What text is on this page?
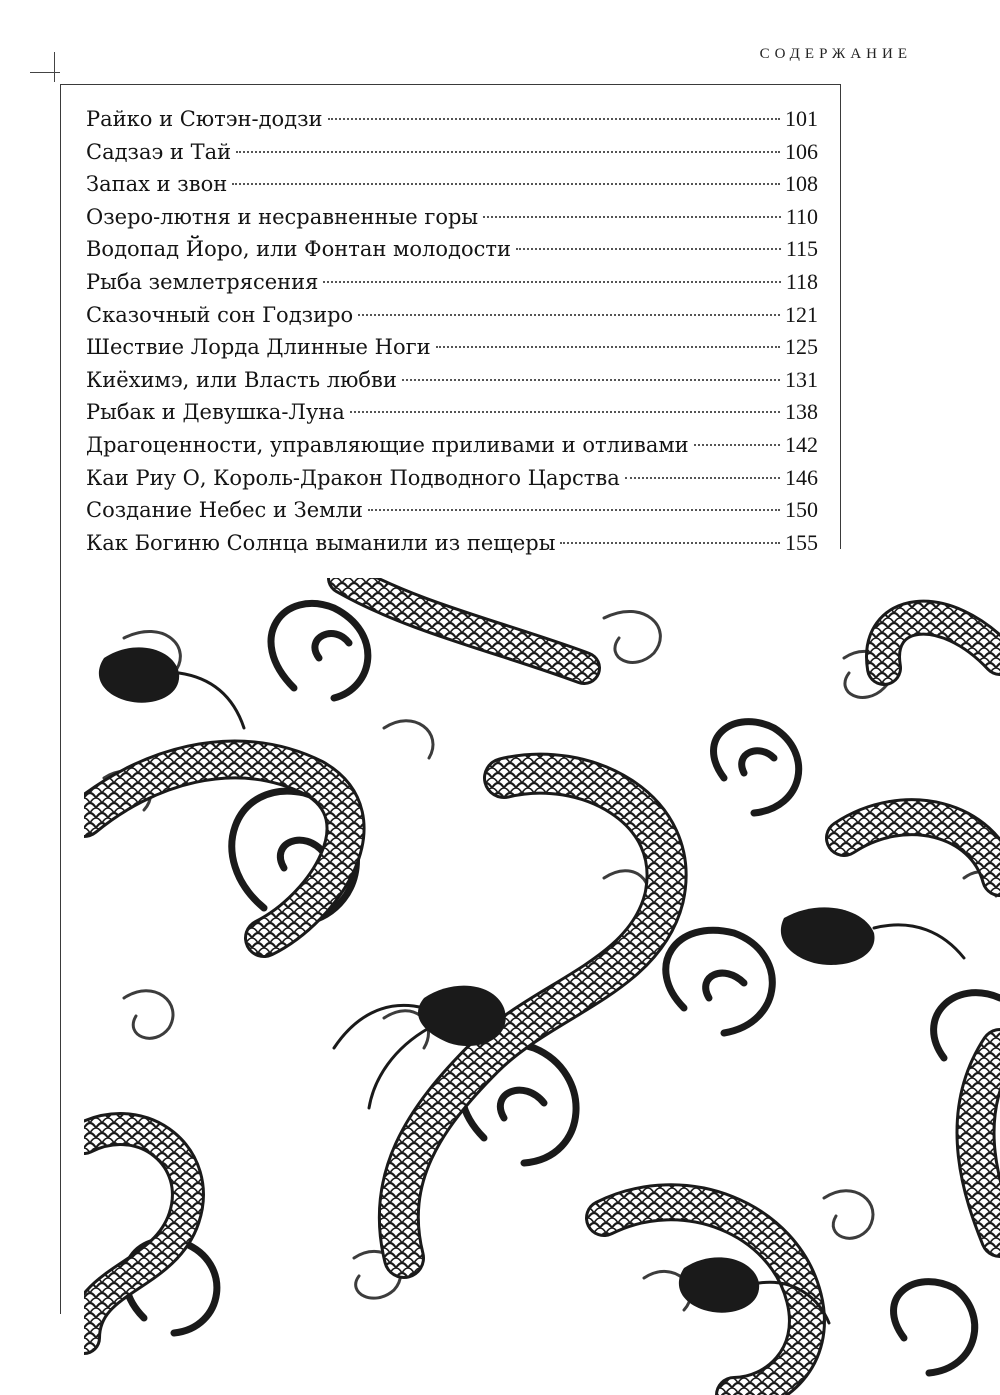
СОДЕРЖАНИЕ
Райко и Сютэн-додзи	101
Садзаэ и Тай	106
Запах и звон	108
Озеро-лютня и несравненные горы	110
Водопад Йоро, или Фонтан молодости	115
Рыба землетрясения	118
Сказочный сон Годзиро	121
Шествие Лорда Длинные Ноги	125
Киёхимэ, или Власть любви	131
Рыбак и Девушка-Луна	138
Драгоценности, управляющие приливами и отливами	142
Каи Риу О, Король-Дракон Подводного Царства	146
Создание Небес и Земли	150
Как Богиню Солнца выманили из пещеры	155
